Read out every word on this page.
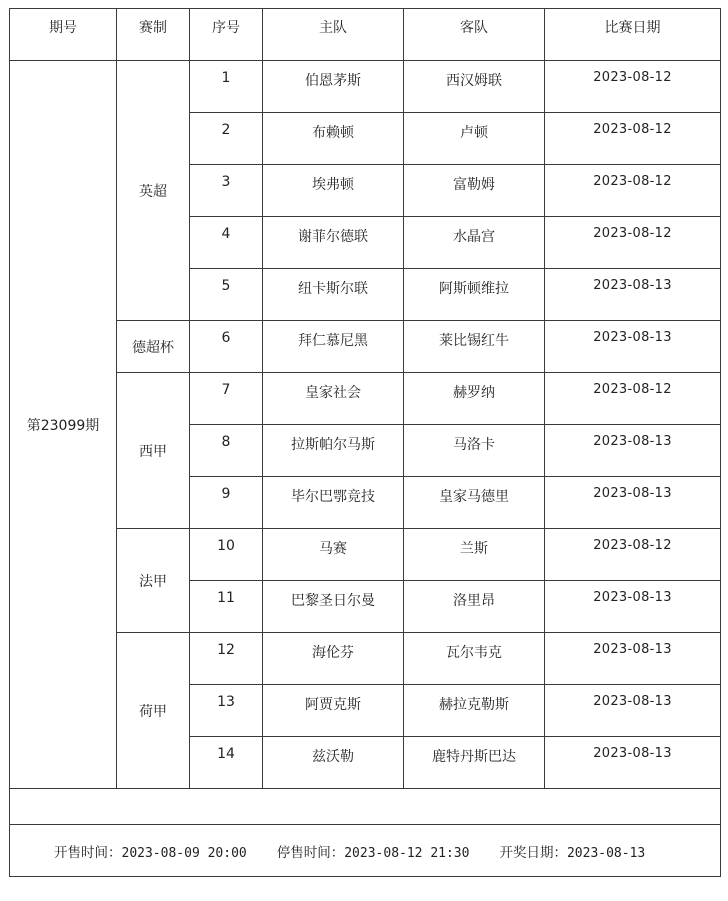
期号	赛制	序号	主队	客队	比赛日期
第23099期	英超	1	伯恩茅斯	西汉姆联	2023-08-12
		2	布赖顿	卢顿	2023-08-12
		3	埃弗顿	富勒姆	2023-08-12
		4	谢菲尔德联	水晶宫	2023-08-12
		5	纽卡斯尔联	阿斯顿维拉	2023-08-13
	德超杯	6	拜仁慕尼黑	莱比锡红牛	2023-08-13
	西甲	7	皇家社会	赫罗纳	2023-08-12
		8	拉斯帕尔马斯	马洛卡	2023-08-13
		9	毕尔巴鄂竞技	皇家马德里	2023-08-13
	法甲	10	马赛	兰斯	2023-08-12
		11	巴黎圣日尔曼	洛里昂	2023-08-13
	荷甲	12	海伦芬	瓦尔韦克	2023-08-13
		13	阿贾克斯	赫拉克勒斯	2023-08-13
		14	兹沃勒	鹿特丹斯巴达	2023-08-13

开售时间：2023-08-09 20:00 停售时间：2023-08-12 21:30 开奖日期：2023-08-13					
